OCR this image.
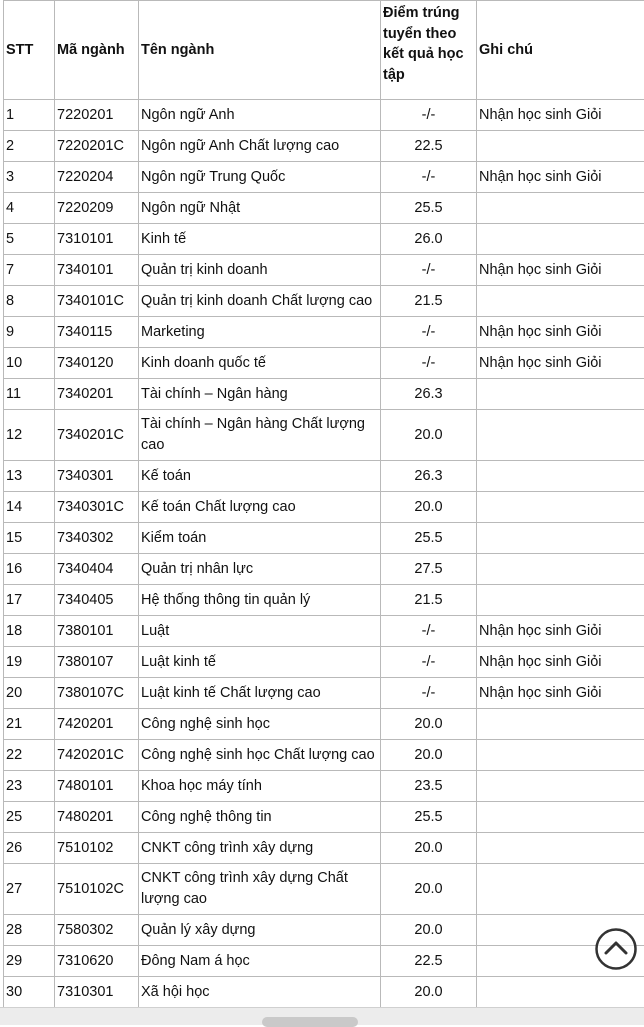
STT	Mã ngành	Tên ngành	Điểm trúng tuyển theo kết quả học tập	Ghi chú
1	7220201	Ngôn ngữ Anh	-/-	Nhận học sinh Giỏi
2	7220201C	Ngôn ngữ Anh Chất lượng cao	22.5	
3	7220204	Ngôn ngữ Trung Quốc	-/-	Nhận học sinh Giỏi
4	7220209	Ngôn ngữ Nhật	25.5	
5	7310101	Kinh tế	26.0	
7	7340101	Quản trị kinh doanh	-/-	Nhận học sinh Giỏi
8	7340101C	Quản trị kinh doanh Chất lượng cao	21.5	
9	7340115	Marketing	-/-	Nhận học sinh Giỏi
10	7340120	Kinh doanh quốc tế	-/-	Nhận học sinh Giỏi
11	7340201	Tài chính – Ngân hàng	26.3	
12	7340201C	Tài chính – Ngân hàng Chất lượng cao	20.0	
13	7340301	Kế toán	26.3	
14	7340301C	Kế toán Chất lượng cao	20.0	
15	7340302	Kiểm toán	25.5	
16	7340404	Quản trị nhân lực	27.5	
17	7340405	Hệ thống thông tin quản lý	21.5	
18	7380101	Luật	-/-	Nhận học sinh Giỏi
19	7380107	Luật kinh tế	-/-	Nhận học sinh Giỏi
20	7380107C	Luật kinh tế Chất lượng cao	-/-	Nhận học sinh Giỏi
21	7420201	Công nghệ sinh học	20.0	
22	7420201C	Công nghệ sinh học Chất lượng cao	20.0	
23	7480101	Khoa học máy tính	23.5	
25	7480201	Công nghệ thông tin	25.5	
26	7510102	CNKT công trình xây dựng	20.0	
27	7510102C	CNKT công trình xây dựng Chất lượng cao	20.0	
28	7580302	Quản lý xây dựng	20.0	
29	7310620	Đông Nam á học	22.5	
30	7310301	Xã hội học	20.0	
